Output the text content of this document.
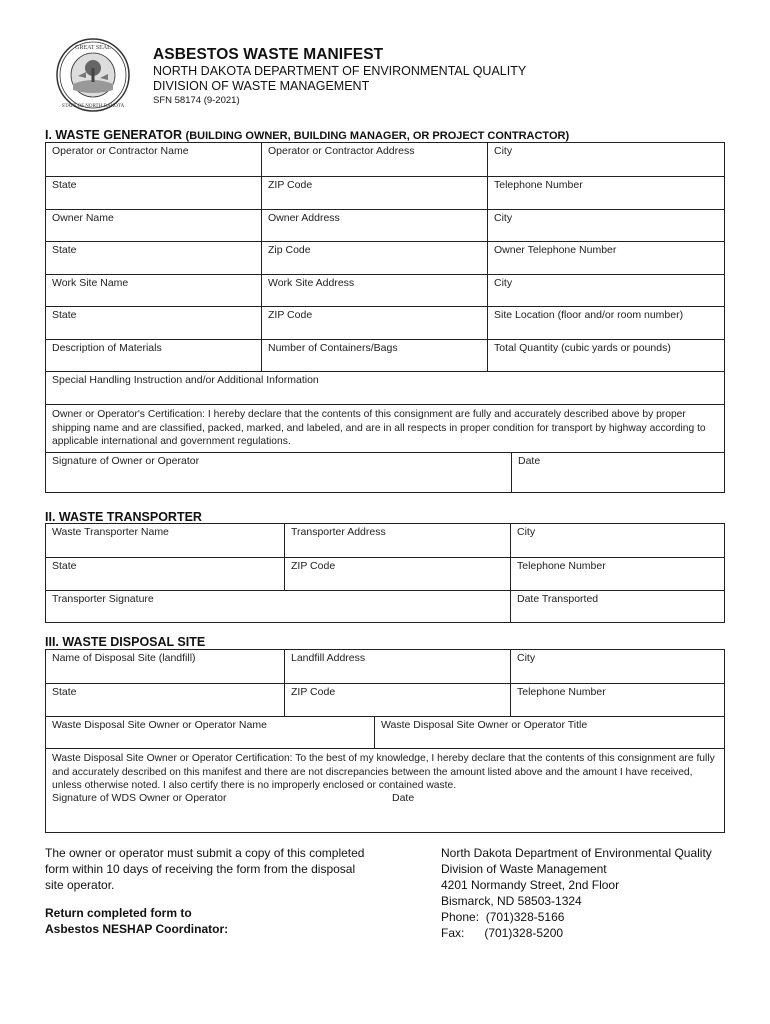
GREAT SEAL
STATE OF NORTH DAKOTA
ASBESTOS WASTE MANIFEST
NORTH DAKOTA DEPARTMENT OF ENVIRONMENTAL QUALITY
DIVISION OF WASTE MANAGEMENT
SFN 58174 (9-2021)
I. WASTE GENERATOR (BUILDING OWNER, BUILDING MANAGER, OR PROJECT CONTRACTOR)
Operator or Contractor Name	Operator or Contractor Address	City
State	ZIP Code	Telephone Number
Owner Name	Owner Address	City
State	Zip Code	Owner Telephone Number
Work Site Name	Work Site Address	City
State	ZIP Code	Site Location (floor and/or room number)
Description of Materials	Number of Containers/Bags	Total Quantity (cubic yards or pounds)
Special Handling Instruction and/or Additional Information
Owner or Operator's Certification: I hereby declare that the contents of this consignment are fully and accurately described above by proper shipping name and are classified, packed, marked, and labeled, and are in all respects in proper condition for transport by highway according to applicable international and government regulations.
Signature of Owner or Operator	Date
II. WASTE TRANSPORTER
Waste Transporter Name	Transporter Address	City
State	ZIP Code	Telephone Number
Transporter Signature	Date Transported
III. WASTE DISPOSAL SITE
Name of Disposal Site (landfill)	Landfill Address	City
State	ZIP Code	Telephone Number
Waste Disposal Site Owner or Operator Name	Waste Disposal Site Owner or Operator Title
Waste Disposal Site Owner or Operator Certification: To the best of my knowledge, I hereby declare that the contents of this consignment are fully and accurately described on this manifest and there are not discrepancies between the amount listed above and the amount I have received, unless otherwise noted. I also certify there is no improperly enclosed or contained waste.
Signature of WDS Owner or Operator	Date
The owner or operator must submit a copy of this completed form within 10 days of receiving the form from the disposal site operator.
Return completed form to
Asbestos NESHAP Coordinator:
North Dakota Department of Environmental Quality
Division of Waste Management
4201 Normandy Street, 2nd Floor
Bismarck, ND 58503-1324
Phone:  (701)328-5166
Fax:      (701)328-5200
